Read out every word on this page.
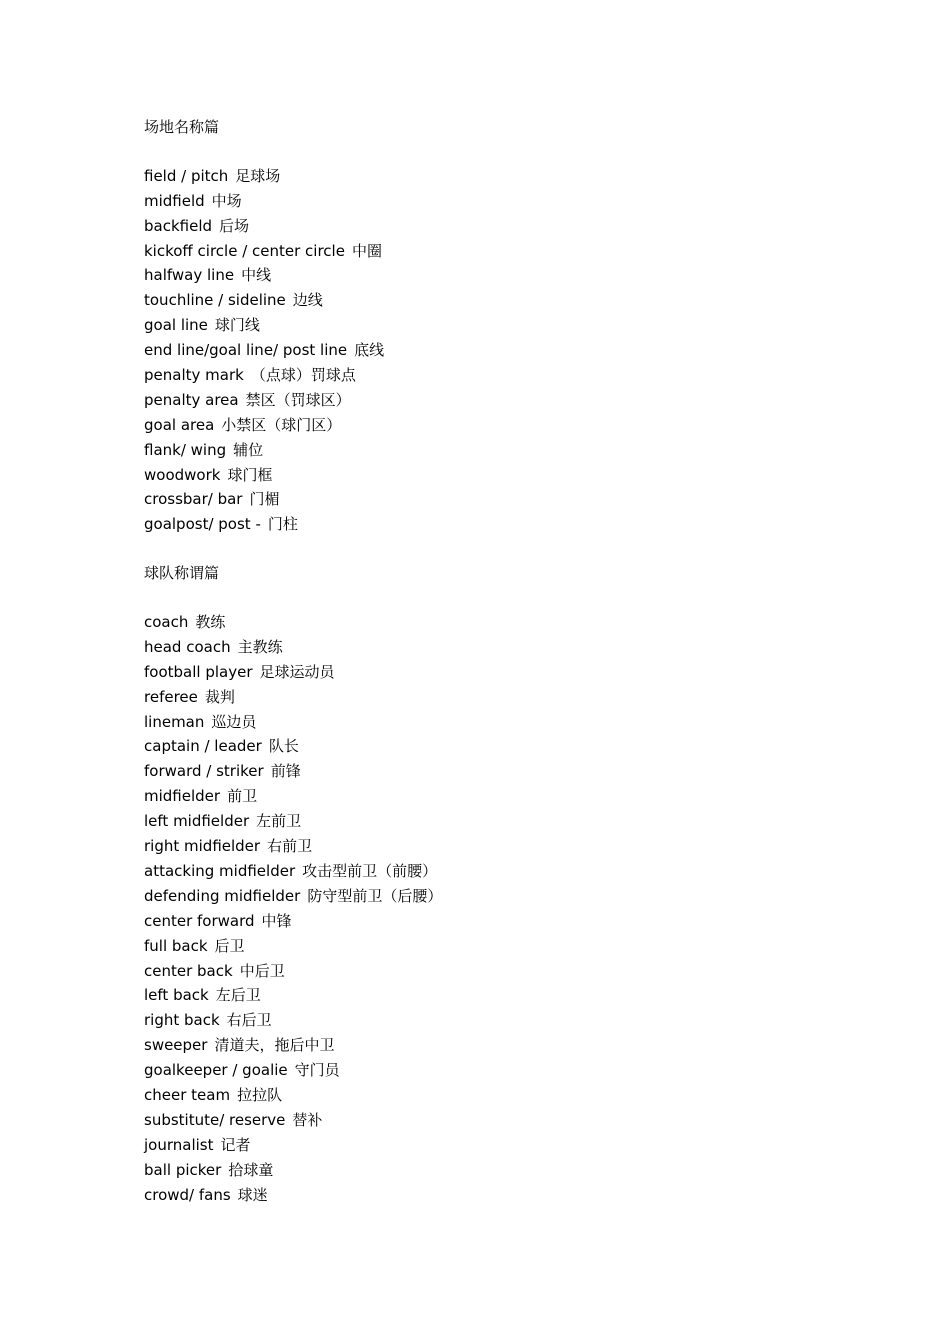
场地名称篇
field / pitch 足球场
midfield 中场
backfield 后场
kickoff circle / center circle 中圈
halfway line 中线
touchline / sideline 边线
goal line 球门线
end line/goal line/ post line 底线
penalty mark （点球）罚球点
penalty area 禁区（罚球区）
goal area 小禁区（球门区）
flank/ wing 辅位
woodwork 球门框
crossbar/ bar 门楣
goalpost/ post - 门柱
球队称谓篇
coach 教练
head coach 主教练
football player 足球运动员
referee 裁判
lineman 巡边员
captain / leader 队长
forward / striker 前锋
midfielder 前卫
left midfielder 左前卫
right midfielder 右前卫
attacking midfielder 攻击型前卫（前腰）
defending midfielder 防守型前卫（后腰）
center forward 中锋
full back 后卫
center back 中后卫
left back 左后卫
right back 右后卫
sweeper 清道夫，拖后中卫
goalkeeper / goalie 守门员
cheer team 拉拉队
substitute/ reserve 替补
journalist 记者
ball picker 拾球童
crowd/ fans 球迷
